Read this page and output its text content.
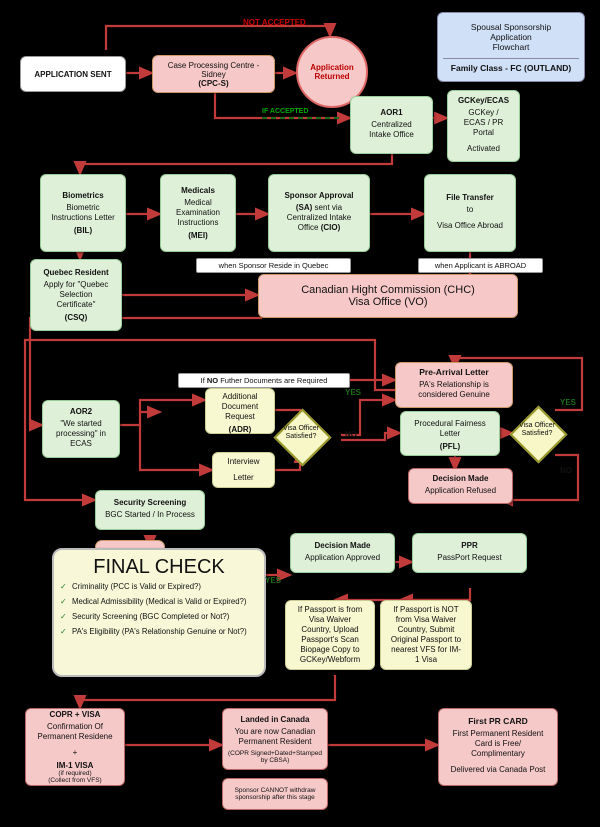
APPLICATION SENT
Case Processing Centre -
Sidney
(CPC-S)
Application Returned
NOT ACCEPTED
IF ACCEPTED	AOR1
Centralized Intake Office
GCKey/ECAS
GCKey / ECAS / PR Portal
Activated
Spousal Sponsorship
Application
Flowchart
Family Class - FC (OUTLAND)
Biometrics
Biometric Instructions Letter
(BIL)
Medicals
Medical Examination Instructions
(MEI)
Sponsor Approval
(SA) sent via Centralized Intake Office (CIO)
File Transfer
to
Visa Office Abroad
Quebec Resident
Apply for "Quebec Selection Certificate"
(CSQ)
when Sponsor Reside in Quebec	when Applicant is ABROAD
Canadian Hight Commission (CHC)
Visa Office (VO)
AOR2
"We started processing" in ECAS
Additional Document Request
(ADR)
Interview
Letter
If NO Futher Documents are Required
Visa Officer
Satisfied?
YES
NO
Pre-Arrival Letter
PA's Relationship is considered Genuine
Procedural Fairness Letter
(PFL)
Visa Officer
Satisfied?
YES
NO
Decision Made
Application Refused
Security Screening
BGC Started / In Process
FINAL CHECK
✓ Criminality (PCC is Valid or Expired?)
✓ Medical Admissibility (Medical is Valid or Expired?)
✓ Security Screening (BGC Completed or Not?)
✓ PA's Eligibility (PA's Relationship Genuine or Not?)
YES
Decision Made
Application Approved
PPR
PassPort Request
If Passport is from Visa Waiver Country, Upload Passport's Scan Biopage Copy to GCKey/Webform
If Passport is NOT from Visa Waiver Country, Submit Original Passport to nearest VFS for IM-1 Visa
COPR + VISA
Confirmation Of Permanent Residene
+
IM-1 VISA
(if required)
(Collect from VFS)
Landed in Canada
You are now Canadian Permanent Resident
(COPR Signed+Dated+Stamped by CBSA)
Sponsor CANNOT withdraw sponsorship after this stage
First PR CARD
First Permanent Resident Card is Free/ Complimentary
Delivered via Canada Post
